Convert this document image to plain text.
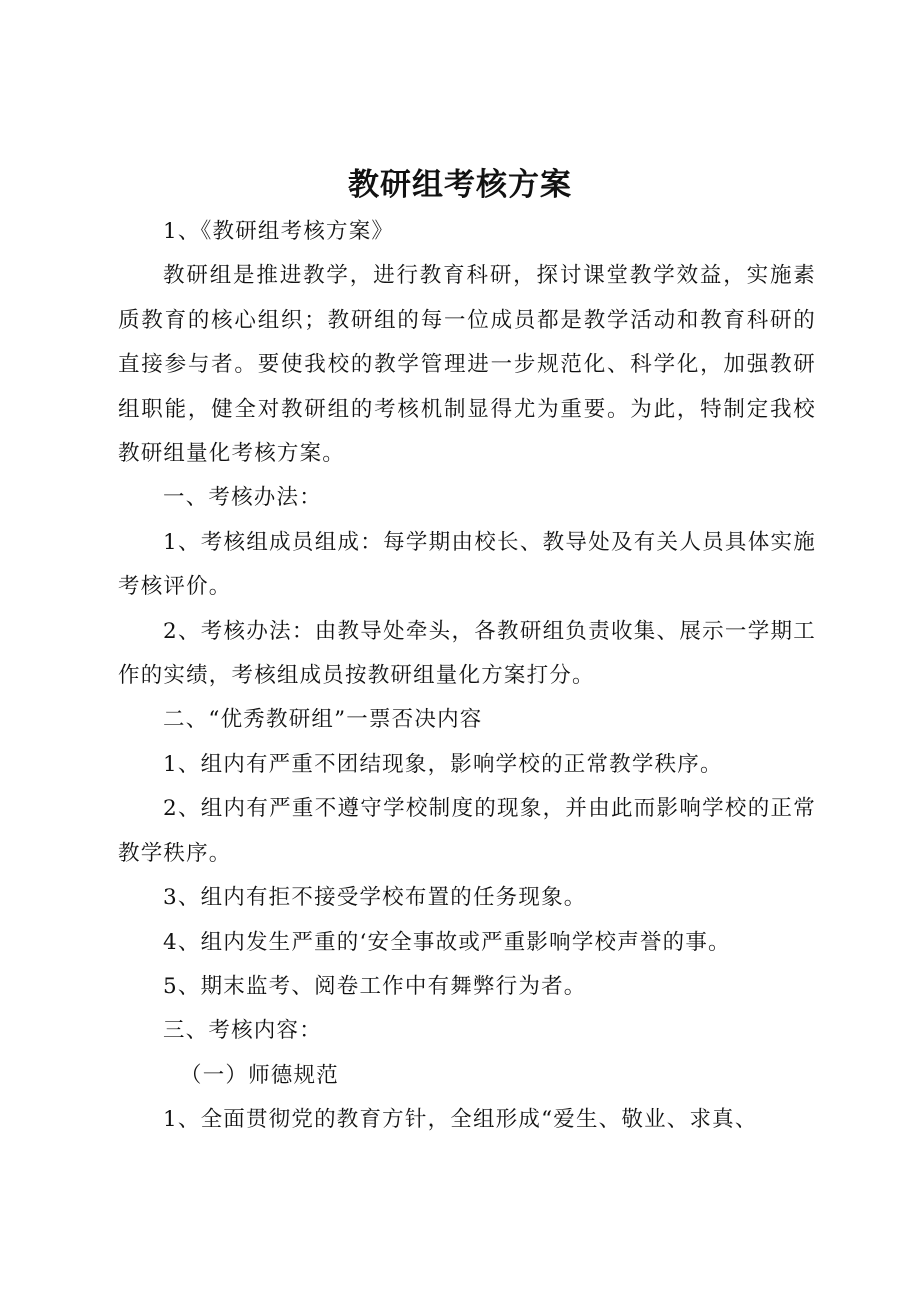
教研组考核方案

1、《教研组考核方案》

教研组是推进教学，进行教育科研，探讨课堂教学效益，实施素质教育的核心组织；教研组的每一位成员都是教学活动和教育科研的直接参与者。要使我校的教学管理进一步规范化、科学化，加强教研组职能，健全对教研组的考核机制显得尤为重要。为此，特制定我校教研组量化考核方案。

一、考核办法：

1、考核组成员组成：每学期由校长、教导处及有关人员具体实施考核评价。

2、考核办法：由教导处牵头，各教研组负责收集、展示一学期工作的实绩，考核组成员按教研组量化方案打分。

二、“优秀教研组”一票否决内容

1、组内有严重不团结现象，影响学校的正常教学秩序。

2、组内有严重不遵守学校制度的现象，并由此而影响学校的正常教学秩序。

3、组内有拒不接受学校布置的任务现象。

4、组内发生严重的‘安全事故或严重影响学校声誉的事。

5、期末监考、阅卷工作中有舞弊行为者。

三、考核内容：

（一）师德规范

1、全面贯彻党的教育方针，全组形成“爱生、敬业、求真、
